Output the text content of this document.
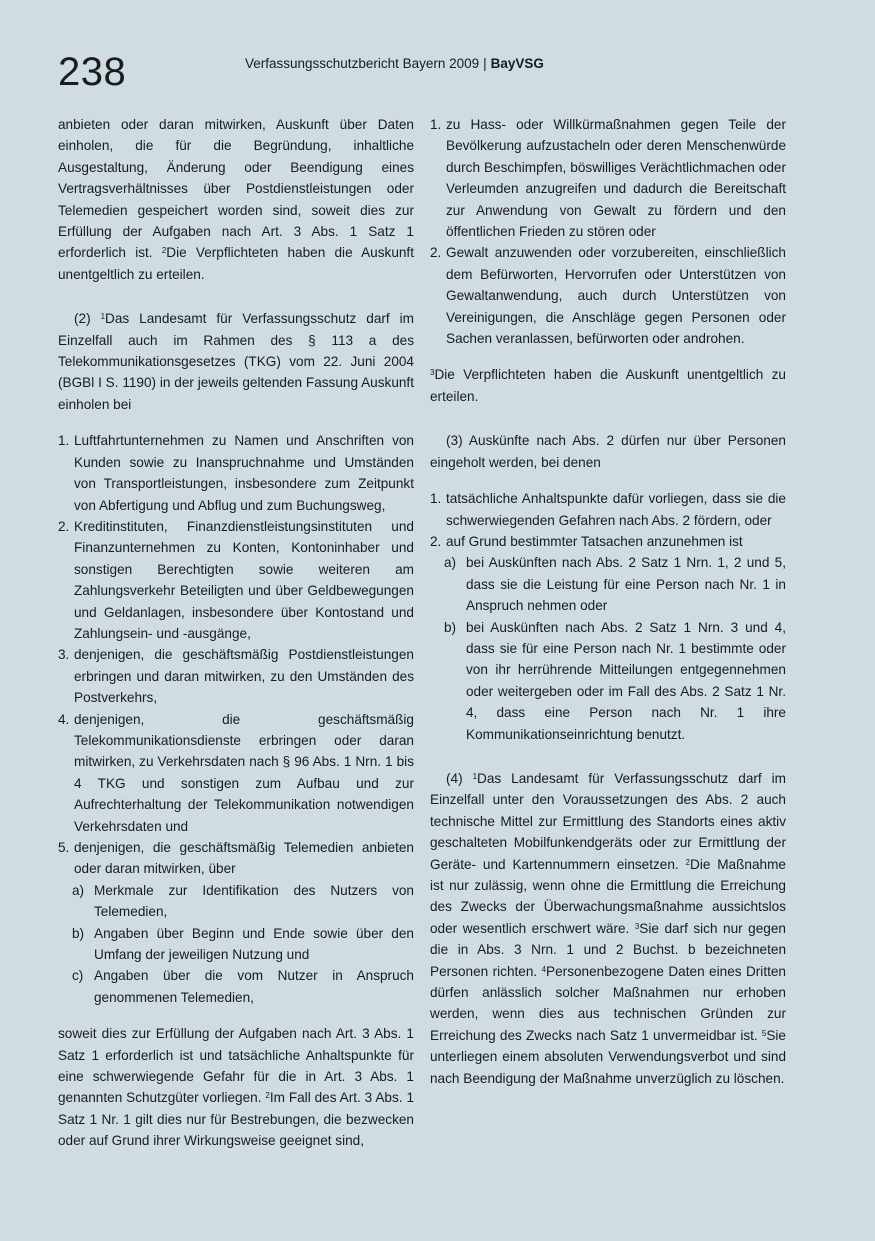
238	Verfassungsschutzbericht Bayern 2009 | BayVSG

anbieten oder daran mitwirken, Auskunft über Daten einholen, die für die Begründung, inhaltliche Ausgestaltung, Änderung oder Beendigung eines Vertragsverhältnisses über Postdienstleistungen oder Telemedien gespeichert worden sind, soweit dies zur Erfüllung der Aufgaben nach Art. 3 Abs. 1 Satz 1 erforderlich ist. $^2$Die Verpflichteten haben die Auskunft unentgeltlich zu erteilen.

(2) $^1$Das Landesamt für Verfassungsschutz darf im Einzelfall auch im Rahmen des § 113 a des Telekommunikationsgesetzes (TKG) vom 22. Juni 2004 (BGBl I S. 1190) in der jeweils geltenden Fassung Auskunft einholen bei

1. Luftfahrtunternehmen zu Namen und Anschriften von Kunden sowie zu Inanspruchnahme und Umständen von Transportleistungen, insbesondere zum Zeitpunkt von Abfertigung und Abflug und zum Buchungsweg,
2. Kreditinstituten, Finanzdienstleistungsinstituten und Finanzunternehmen zu Konten, Kontoninhaber und sonstigen Berechtigten sowie weiteren am Zahlungsverkehr Beteiligten und über Geldbewegungen und Geldanlagen, insbesondere über Kontostand und Zahlungsein- und -ausgänge,
3. denjenigen, die geschäftsmäßig Postdienstleistungen erbringen und daran mitwirken, zu den Umständen des Postverkehrs,
4. denjenigen, die geschäftsmäßig Telekommunikationsdienste erbringen oder daran mitwirken, zu Verkehrsdaten nach § 96 Abs. 1 Nrn. 1 bis 4 TKG und sonstigen zum Aufbau und zur Aufrechterhaltung der Telekommunikation notwendigen Verkehrsdaten und
5. denjenigen, die geschäftsmäßig Telemedien anbieten oder daran mitwirken, über
a) Merkmale zur Identifikation des Nutzers von Telemedien,
b) Angaben über Beginn und Ende sowie über den Umfang der jeweiligen Nutzung und
c) Angaben über die vom Nutzer in Anspruch genommenen Telemedien,

soweit dies zur Erfüllung der Aufgaben nach Art. 3 Abs. 1 Satz 1 erforderlich ist und tatsächliche Anhaltspunkte für eine schwerwiegende Gefahr für die in Art. 3 Abs. 1 genannten Schutzgüter vorliegen. $^2$Im Fall des Art. 3 Abs. 1 Satz 1 Nr. 1 gilt dies nur für Bestrebungen, die bezwecken oder auf Grund ihrer Wirkungsweise geeignet sind,

1. zu Hass- oder Willkürmaßnahmen gegen Teile der Bevölkerung aufzustacheln oder deren Menschenwürde durch Beschimpfen, böswilliges Verächtlichmachen oder Verleumden anzugreifen und dadurch die Bereitschaft zur Anwendung von Gewalt zu fördern und den öffentlichen Frieden zu stören oder
2. Gewalt anzuwenden oder vorzubereiten, einschließlich dem Befürworten, Hervorrufen oder Unterstützen von Gewaltanwendung, auch durch Unterstützen von Vereinigungen, die Anschläge gegen Personen oder Sachen veranlassen, befürworten oder androhen.

$^3$Die Verpflichteten haben die Auskunft unentgeltlich zu erteilen.

(3) Auskünfte nach Abs. 2 dürfen nur über Personen eingeholt werden, bei denen

1. tatsächliche Anhaltspunkte dafür vorliegen, dass sie die schwerwiegenden Gefahren nach Abs. 2 fördern, oder
2. auf Grund bestimmter Tatsachen anzunehmen ist
a) bei Auskünften nach Abs. 2 Satz 1 Nrn. 1, 2 und 5, dass sie die Leistung für eine Person nach Nr. 1 in Anspruch nehmen oder
b) bei Auskünften nach Abs. 2 Satz 1 Nrn. 3 und 4, dass sie für eine Person nach Nr. 1 bestimmte oder von ihr herrührende Mitteilungen entgegennehmen oder weitergeben oder im Fall des Abs. 2 Satz 1 Nr. 4, dass eine Person nach Nr. 1 ihre Kommunikationseinrichtung benutzt.

(4) $^1$Das Landesamt für Verfassungsschutz darf im Einzelfall unter den Voraussetzungen des Abs. 2 auch technische Mittel zur Ermittlung des Standorts eines aktiv geschalteten Mobilfunkendgeräts oder zur Ermittlung der Geräte- und Kartennummern einsetzen. $^2$Die Maßnahme ist nur zulässig, wenn ohne die Ermittlung die Erreichung des Zwecks der Überwachungsmaßnahme aussichtslos oder wesentlich erschwert wäre. $^3$Sie darf sich nur gegen die in Abs. 3 Nrn. 1 und 2 Buchst. b bezeichneten Personen richten. $^4$Personenbezogene Daten eines Dritten dürfen anlässlich solcher Maßnahmen nur erhoben werden, wenn dies aus technischen Gründen zur Erreichung des Zwecks nach Satz 1 unvermeidbar ist. $^5$Sie unterliegen einem absoluten Verwendungsverbot und sind nach Beendigung der Maßnahme unverzüglich zu löschen.
